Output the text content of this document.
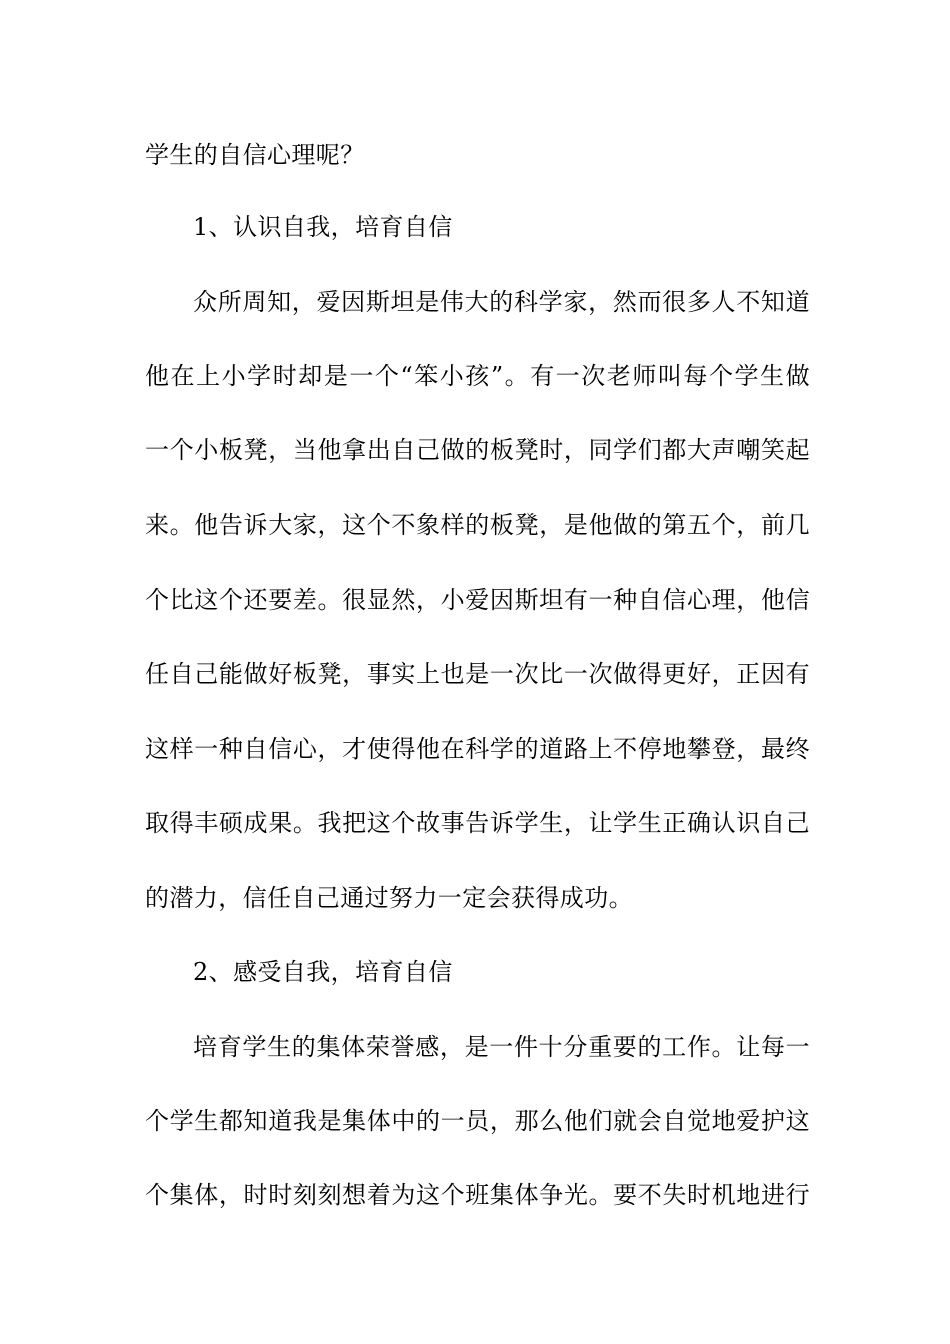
学生的自信心理呢？
1、认识自我，培育自信
众所周知，爱因斯坦是伟大的科学家，然而很多人不知道
他在上小学时却是一个“笨小孩”。有一次老师叫每个学生做
一个小板凳，当他拿出自己做的板凳时，同学们都大声嘲笑起
来。他告诉大家，这个不象样的板凳，是他做的第五个，前几
个比这个还要差。很显然，小爱因斯坦有一种自信心理，他信
任自己能做好板凳，事实上也是一次比一次做得更好，正因有
这样一种自信心，才使得他在科学的道路上不停地攀登，最终
取得丰硕成果。我把这个故事告诉学生，让学生正确认识自己
的潜力，信任自己通过努力一定会获得成功。
2、感受自我，培育自信
培育学生的集体荣誉感，是一件十分重要的工作。让每一
个学生都知道我是集体中的一员，那么他们就会自觉地爱护这
个集体，时时刻刻想着为这个班集体争光。要不失时机地进行
